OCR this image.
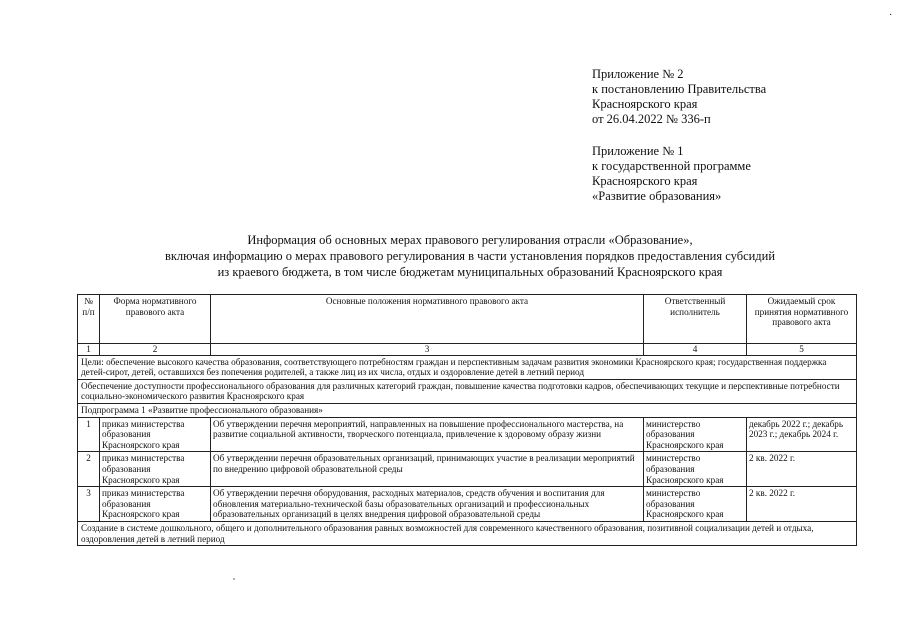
·
Приложение № 2
к постановлению Правительства
Красноярского края
от 26.04.2022 № 336-п
Приложение № 1
к государственной программе
Красноярского края
«Развитие образования»
Информация об основных мерах правового регулирования отрасли «Образование»,
включая информацию о мерах правового регулирования в части установления порядков предоставления субсидий
из краевого бюджета, в том числе бюджетам муниципальных образований Красноярского края
№ п/п	Форма нормативного правового акта	Основные положения нормативного правового акта	Ответственный исполнитель	Ожидаемый срок принятия нормативного правового акта
1	2	3	4	5
Цели: обеспечение высокого качества образования, соответствующего потребностям граждан и перспективным задачам развития экономики Красноярского края; государственная поддержка детей-сирот, детей, оставшихся без попечения родителей, а также лиц из их числа, отдых и оздоровление детей в летний период				
Обеспечение доступности профессионального образования для различных категорий граждан, повышение качества подготовки кадров, обеспечивающих текущие и перспективные потребности социально-экономического развития Красноярского края				
Подпрограмма 1 «Развитие профессионального образования»				
1	приказ министерства образования Красноярского края	Об утверждении перечня мероприятий, направленных на повышение профессионального мастерства, на развитие социальной активности, творческого потенциала, привлечение к здоровому образу жизни	министерство образования Красноярского края	декабрь 2022 г.; декабрь 2023 г.; декабрь 2024 г.
2	приказ министерства образования Красноярского края	Об утверждении перечня образовательных организаций, принимающих участие в реализации мероприятий по внедрению цифровой образовательной среды	министерство образования Красноярского края	2 кв. 2022 г.
3	приказ министерства образования Красноярского края	Об утверждении перечня оборудования, расходных материалов, средств обучения и воспитания для обновления материально-технической базы образовательных организаций и профессиональных образовательных организаций в целях внедрения цифровой образовательной среды	министерство образования Красноярского края	2 кв. 2022 г.
Создание в системе дошкольного, общего и дополнительного образования равных возможностей для современного качественного образования, позитивной социализации детей и отдыха, оздоровления детей в летний период				
